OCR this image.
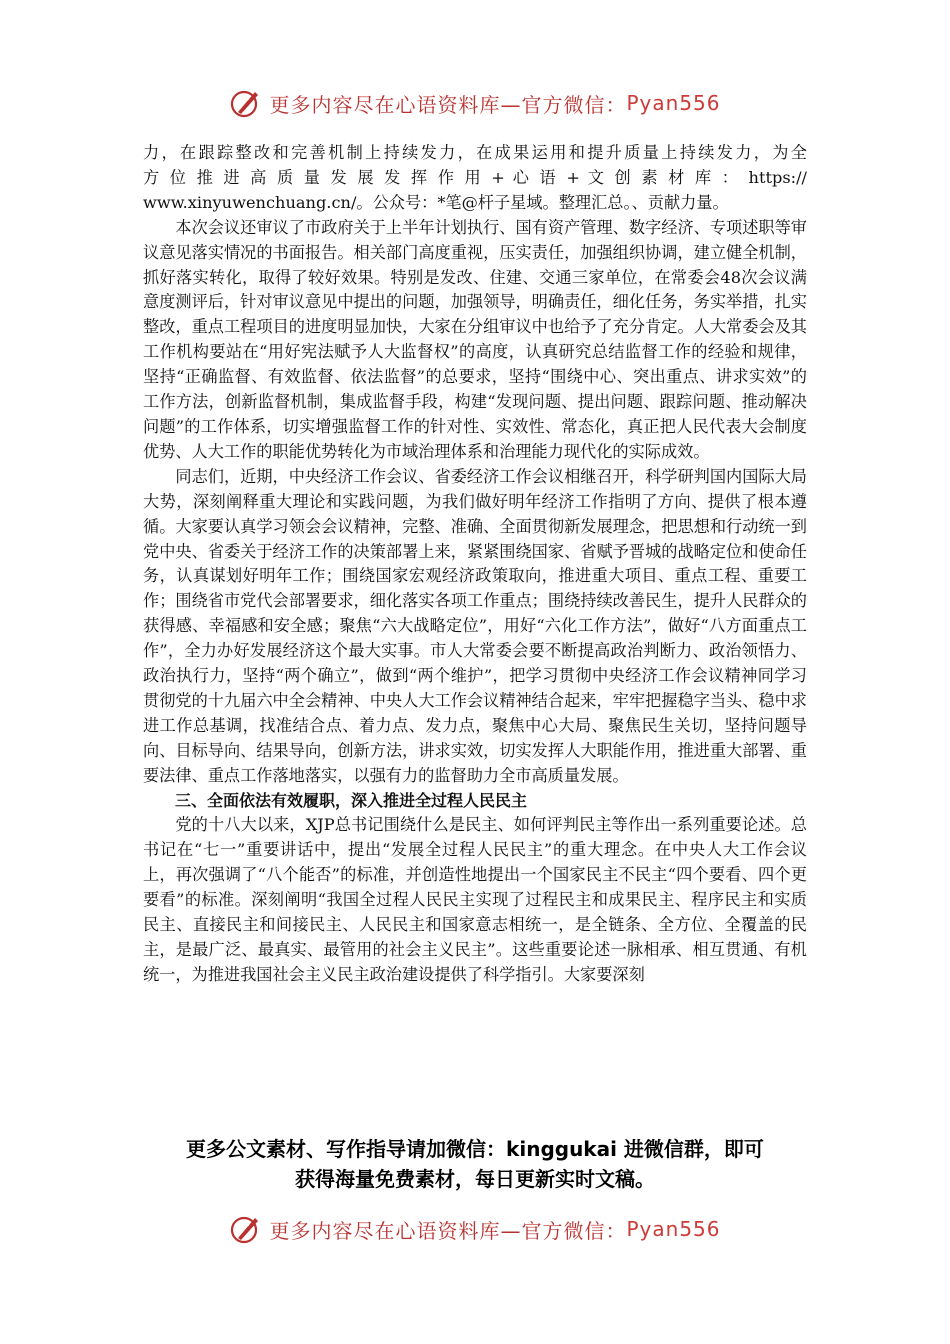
更多内容尽在心语资料库—官方微信： Pyan556

力，在跟踪整改和完善机制上持续发力，在成果运用和提升质量上持续发力，为全

方 位 推 进 高 质 量 发 展 发 挥 作 用 + 心 语 + 文 创 素 材 库 ： https://

www.xinyuwenchuang.cn/。公众号：*笔@杆子星域。整理汇总。、贡献力量。

本次会议还审议了市政府关于上半年计划执行、国有资产管理、数字经济、专项述职等审议意见落实情况的书面报告。相关部门高度重视，压实责任，加强组织协调，建立健全机制，抓好落实转化，取得了较好效果。特别是发改、住建、交通三家单位，在常委会48次会议满意度测评后，针对审议意见中提出的问题，加强领导，明确责任，细化任务，务实举措，扎实整改，重点工程项目的进度明显加快，大家在分组审议中也给予了充分肯定。人大常委会及其工作机构要站在“用好宪法赋予人大监督权”的高度，认真研究总结监督工作的经验和规律，坚持“正确监督、有效监督、依法监督”的总要求，坚持“围绕中心、突出重点、讲求实效”的工作方法，创新监督机制，集成监督手段，构建“发现问题、提出问题、跟踪问题、推动解决问题”的工作体系，切实增强监督工作的针对性、实效性、常态化，真正把人民代表大会制度优势、人大工作的职能优势转化为市域治理体系和治理能力现代化的实际成效。

同志们，近期，中央经济工作会议、省委经济工作会议相继召开，科学研判国内国际大局大势，深刻阐释重大理论和实践问题，为我们做好明年经济工作指明了方向、提供了根本遵循。大家要认真学习领会会议精神，完整、准确、全面贯彻新发展理念，把思想和行动统一到党中央、省委关于经济工作的决策部署上来，紧紧围绕国家、省赋予晋城的战略定位和使命任务，认真谋划好明年工作；围绕国家宏观经济政策取向，推进重大项目、重点工程、重要工作；围绕省市党代会部署要求，细化落实各项工作重点；围绕持续改善民生，提升人民群众的获得感、幸福感和安全感；聚焦“六大战略定位”，用好“六化工作方法”，做好“八方面重点工作”，全力办好发展经济这个最大实事。市人大常委会要不断提高政治判断力、政治领悟力、政治执行力，坚持“两个确立”，做到“两个维护”，把学习贯彻中央经济工作会议精神同学习贯彻党的十九届六中全会精神、中央人大工作会议精神结合起来，牢牢把握稳字当头、稳中求进工作总基调，找准结合点、着力点、发力点，聚焦中心大局、聚焦民生关切，坚持问题导向、目标导向、结果导向，创新方法，讲求实效，切实发挥人大职能作用，推进重大部署、重要法律、重点工作落地落实，以强有力的监督助力全市高质量发展。

三、全面依法有效履职，深入推进全过程人民民主

党的十八大以来，XJP总书记围绕什么是民主、如何评判民主等作出一系列重要论述。总书记在“七一”重要讲话中，提出“发展全过程人民民主”的重大理念。在中央人大工作会议上，再次强调了“八个能否”的标准，并创造性地提出一个国家民主不民主“四个要看、四个更要看”的标准。深刻阐明“我国全过程人民民主实现了过程民主和成果民主、程序民主和实质民主、直接民主和间接民主、人民民主和国家意志相统一，是全链条、全方位、全覆盖的民主，是最广泛、最真实、最管用的社会主义民主”。这些重要论述一脉相承、相互贯通、有机统一，为推进我国社会主义民主政治建设提供了科学指引。大家要深刻

更多公文素材、写作指导请加微信：kinggukai 进微信群，即可
获得海量免费素材，每日更新实时文稿。
更多内容尽在心语资料库—官方微信： Pyan556
